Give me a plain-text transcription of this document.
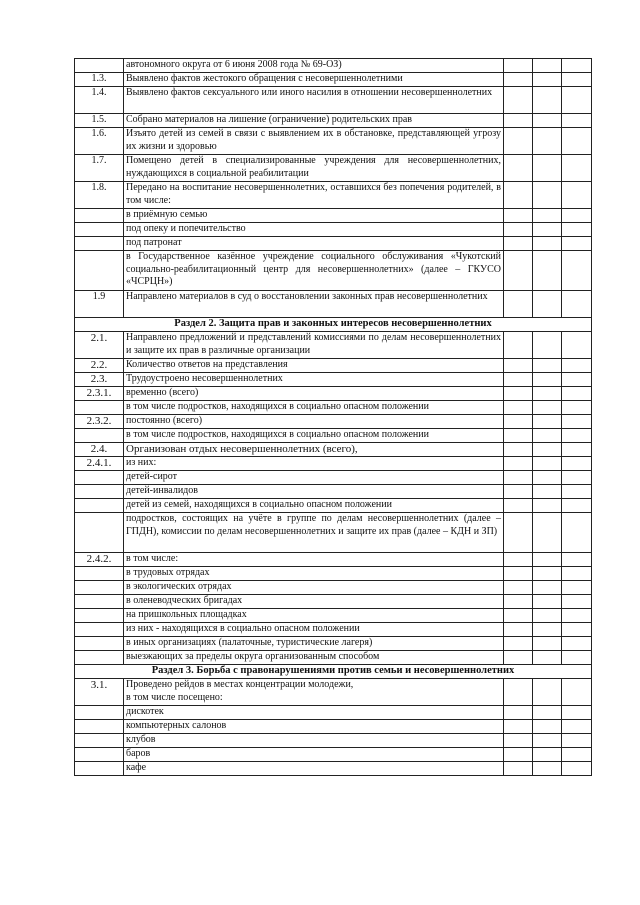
	автономного округа от 6 июня 2008 года № 69-ОЗ)			
1.3.	Выявлено фактов жестокого обращения с несовершеннолетними			
1.4.	Выявлено фактов сексуального или иного насилия в отношении несовершеннолетних			
1.5.	Собрано материалов на лишение (ограничение) родительских прав			
1.6.	Изъято детей из семей в связи с выявлением их в обстановке, представляющей угрозу их жизни и здоровью			
1.7.	Помещено детей в специализированные учреждения для несовершеннолетних, нуждающихся в социальной реабилитации			
1.8.	Передано на воспитание несовершеннолетних, оставшихся без попечения родителей, в том числе:			
	в приёмную семью			
	под опеку и попечительство			
	под патронат			
	в Государственное казённое учреждение социального обслуживания «Чукотский социально-реабилитационный центр для несовершеннолетних» (далее – ГКУСО «ЧСРЦН»)			
1.9	Направлено материалов в суд о восстановлении законных прав несовершеннолетних			
Раздел 2. Защита прав и законных интересов несовершеннолетних				
2.1.	Направлено предложений и представлений комиссиями по делам несовершеннолетних и защите их прав в различные организации			
2.2.	Количество ответов на представления			
2.3.	Трудоустроено несовершеннолетних			
2.3.1.	временно (всего)			
	в том числе подростков, находящихся в социально опасном положении			
2.3.2.	постоянно (всего)			
	в том числе подростков, находящихся в социально опасном положении			
2.4.	Организован отдых несовершеннолетних (всего),			
2.4.1.	из них:			
	детей-сирот			
	детей-инвалидов			
	детей из семей, находящихся в социально опасном положении			
	подростков, состоящих на учёте в группе по делам несовершеннолетних (далее – ГПДН), комиссии по делам несовершеннолетних и защите их прав (далее – КДН и ЗП)			
2.4.2.	в том числе:			
	в трудовых отрядах			
	в экологических отрядах			
	в оленеводческих бригадах			
	на пришкольных площадках			
	из них - находящихся в социально опасном положении			
	в иных организациях (палаточные, туристические лагеря)			
	выезжающих за пределы округа организованным способом			
Раздел 3. Борьба с правонарушениями против семьи и несовершеннолетних				
3.1.	Проведено рейдов в местах концентрации молодежи,
в том числе посещено:			

	дискотек			
	компьютерных салонов			
	клубов			
	баров			
	кафе			
